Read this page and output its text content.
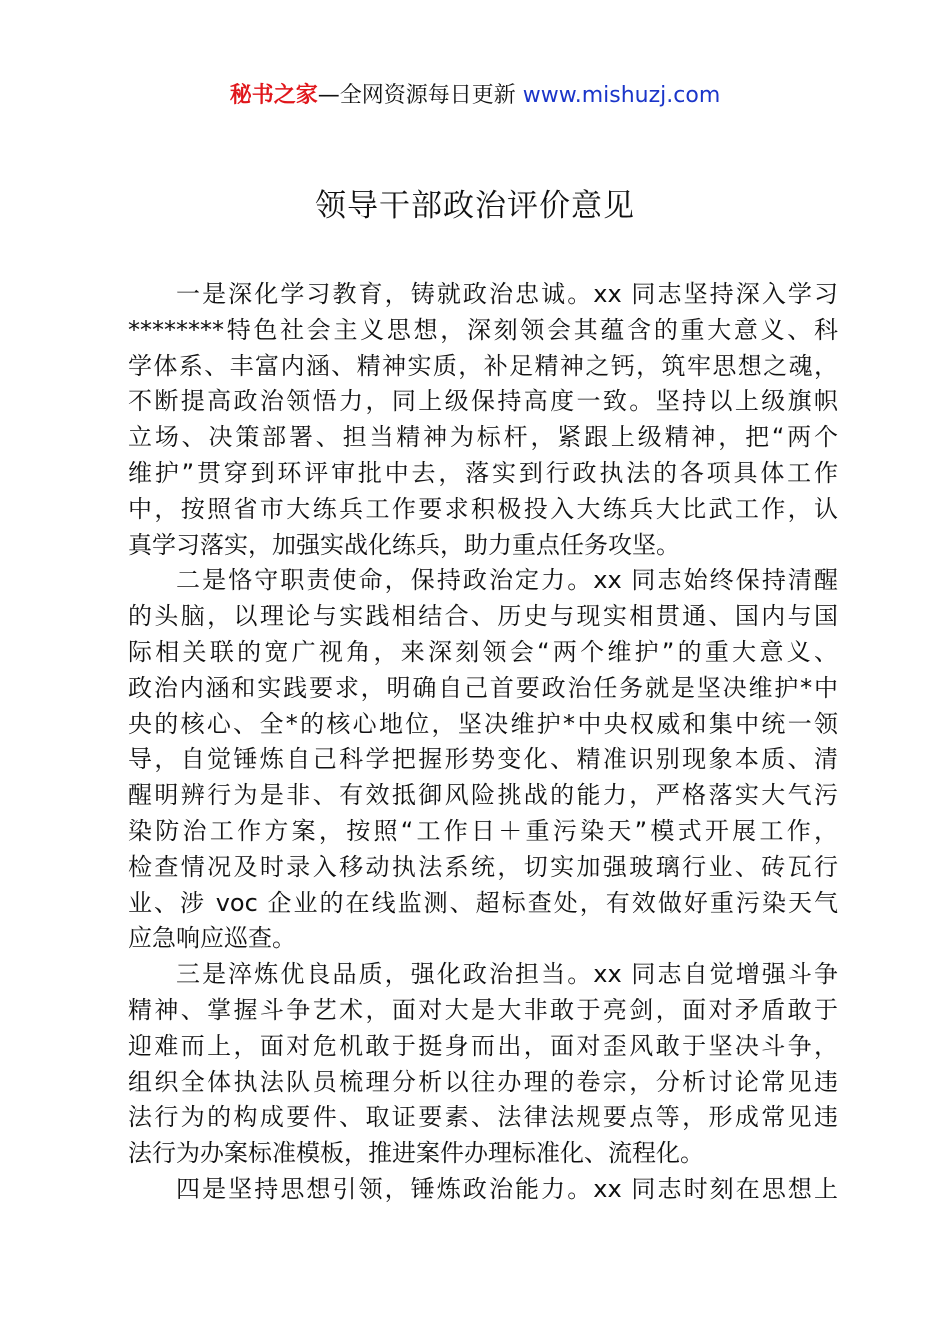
秘书之家—全网资源每日更新 www.mishuzj.com
领导干部政治评价意见
一是深化学习教育，铸就政治忠诚。xx 同志坚持深入学习
********特色社会主义思想，深刻领会其蕴含的重大意义、科
学体系、丰富内涵、精神实质，补足精神之钙，筑牢思想之魂，
不断提高政治领悟力，同上级保持高度一致。坚持以上级旗帜
立场、决策部署、担当精神为标杆，紧跟上级精神，把“两个
维护”贯穿到环评审批中去，落实到行政执法的各项具体工作
中，按照省市大练兵工作要求积极投入大练兵大比武工作，认
真学习落实，加强实战化练兵，助力重点任务攻坚。
二是恪守职责使命，保持政治定力。xx 同志始终保持清醒
的头脑，以理论与实践相结合、历史与现实相贯通、国内与国
际相关联的宽广视角，来深刻领会“两个维护”的重大意义、
政治内涵和实践要求，明确自己首要政治任务就是坚决维护*中
央的核心、全*的核心地位，坚决维护*中央权威和集中统一领
导，自觉锤炼自己科学把握形势变化、精准识别现象本质、清
醒明辨行为是非、有效抵御风险挑战的能力，严格落实大气污
染防治工作方案，按照“工作日＋重污染天”模式开展工作，
检查情况及时录入移动执法系统，切实加强玻璃行业、砖瓦行
业、涉 voc 企业的在线监测、超标查处，有效做好重污染天气
应急响应巡查。
三是淬炼优良品质，强化政治担当。xx 同志自觉增强斗争
精神、掌握斗争艺术，面对大是大非敢于亮剑，面对矛盾敢于
迎难而上，面对危机敢于挺身而出，面对歪风敢于坚决斗争，
组织全体执法队员梳理分析以往办理的卷宗，分析讨论常见违
法行为的构成要件、取证要素、法律法规要点等，形成常见违
法行为办案标准模板，推进案件办理标准化、流程化。
四是坚持思想引领，锤炼政治能力。xx 同志时刻在思想上
